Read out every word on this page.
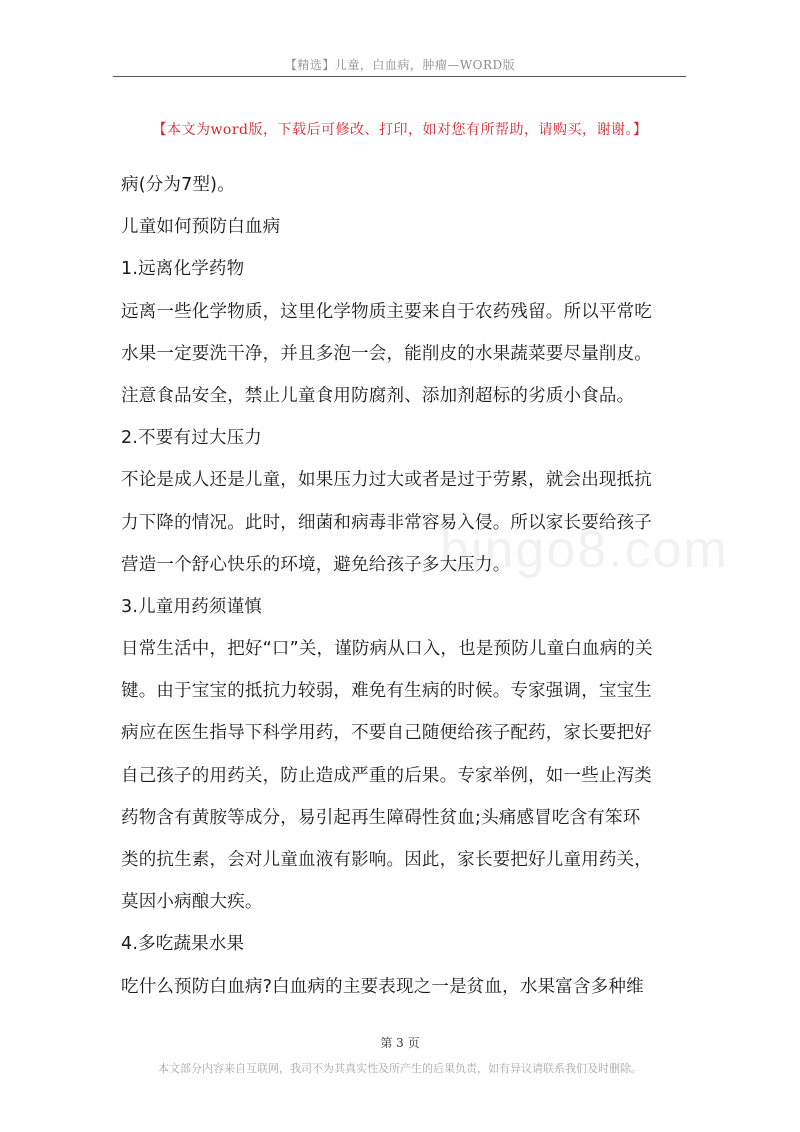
【精选】儿童，白血病，肿瘤—WORD版
【本文为word版，下载后可修改、打印，如对您有所帮助，请购买，谢谢。】
bingo8.com
病(分为7型)。
儿童如何预防白血病
1.远离化学药物
远离一些化学物质，这里化学物质主要来自于农药残留。所以平常吃
水果一定要洗干净，并且多泡一会，能削皮的水果蔬菜要尽量削皮。
注意食品安全，禁止儿童食用防腐剂、添加剂超标的劣质小食品。
2.不要有过大压力
不论是成人还是儿童，如果压力过大或者是过于劳累，就会出现抵抗
力下降的情况。此时，细菌和病毒非常容易入侵。所以家长要给孩子
营造一个舒心快乐的环境，避免给孩子多大压力。
3.儿童用药须谨慎
日常生活中，把好“口”关，谨防病从口入，也是预防儿童白血病的关
键。由于宝宝的抵抗力较弱，难免有生病的时候。专家强调，宝宝生
病应在医生指导下科学用药，不要自己随便给孩子配药，家长要把好
自己孩子的用药关，防止造成严重的后果。专家举例，如一些止泻类
药物含有黄胺等成分，易引起再生障碍性贫血;头痛感冒吃含有笨环
类的抗生素，会对儿童血液有影响。因此，家长要把好儿童用药关，
莫因小病酿大疾。
4.多吃蔬果水果
吃什么预防白血病?白血病的主要表现之一是贫血，水果富含多种维
第 3 页
本文部分内容来自互联网，我司不为其真实性及所产生的后果负责，如有异议请联系我们及时删除。
